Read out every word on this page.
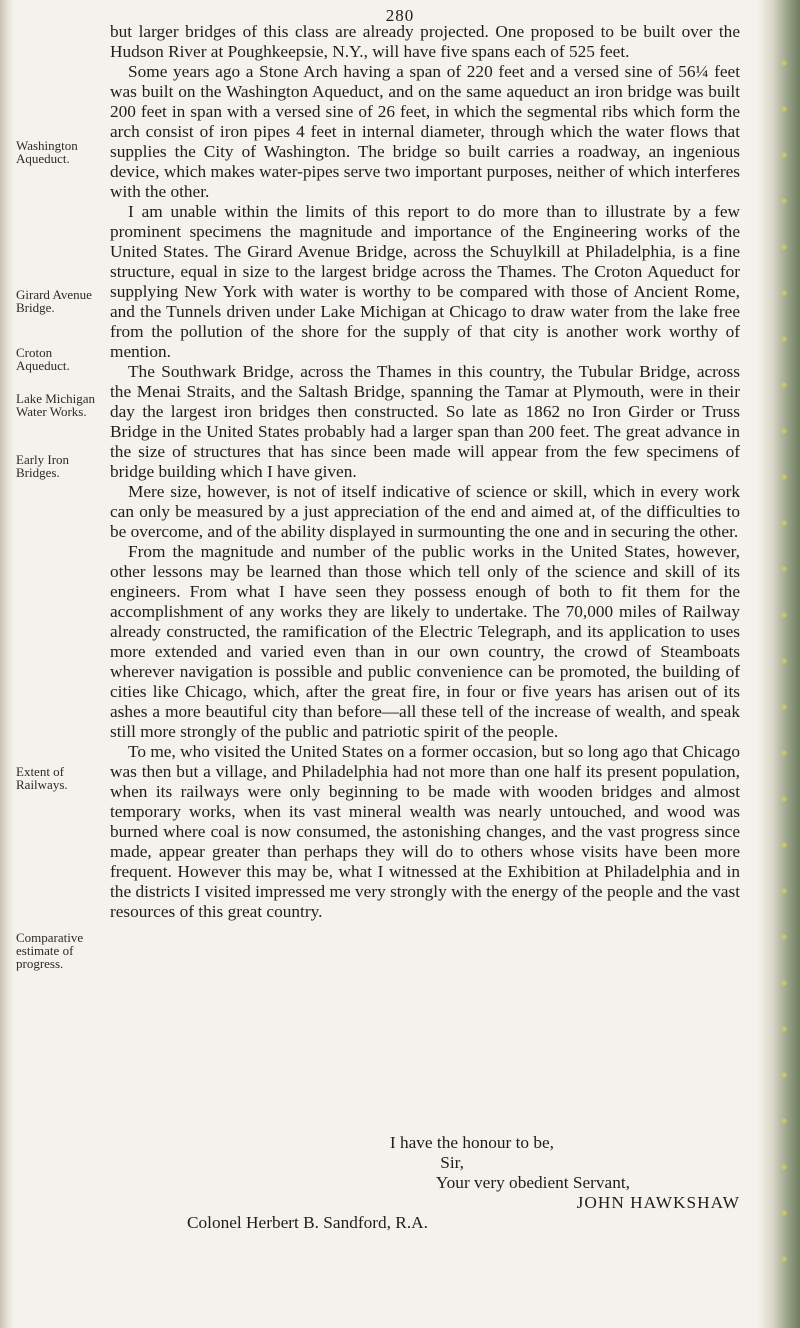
280
Washington Aqueduct.
Girard Avenue Bridge.
Croton Aqueduct.
Lake Michigan Water Works.
Early Iron Bridges.
Extent of Railways.
Comparative estimate of progress.

but larger bridges of this class are already projected. One proposed to be built over the Hudson River at Poughkeepsie, N.Y., will have five spans each of 525 feet.

Some years ago a Stone Arch having a span of 220 feet and a versed sine of 56¼ feet was built on the Washington Aqueduct, and on the same aqueduct an iron bridge was built 200 feet in span with a versed sine of 26 feet, in which the segmental ribs which form the arch consist of iron pipes 4 feet in internal diameter, through which the water flows that supplies the City of Washington. The bridge so built carries a roadway, an ingenious device, which makes water-pipes serve two important purposes, neither of which interferes with the other.

I am unable within the limits of this report to do more than to illustrate by a few prominent specimens the magnitude and importance of the Engineering works of the United States. The Girard Avenue Bridge, across the Schuylkill at Philadelphia, is a fine structure, equal in size to the largest bridge across the Thames. The Croton Aqueduct for supplying New York with water is worthy to be compared with those of Ancient Rome, and the Tunnels driven under Lake Michigan at Chicago to draw water from the lake free from the pollution of the shore for the supply of that city is another work worthy of mention.

The Southwark Bridge, across the Thames in this country, the Tubular Bridge, across the Menai Straits, and the Saltash Bridge, spanning the Tamar at Plymouth, were in their day the largest iron bridges then constructed. So late as 1862 no Iron Girder or Truss Bridge in the United States probably had a larger span than 200 feet. The great advance in the size of structures that has since been made will appear from the few specimens of bridge building which I have given.

Mere size, however, is not of itself indicative of science or skill, which in every work can only be measured by a just appreciation of the end and aimed at, of the difficulties to be overcome, and of the ability displayed in surmounting the one and in securing the other.

From the magnitude and number of the public works in the United States, however, other lessons may be learned than those which tell only of the science and skill of its engineers. From what I have seen they possess enough of both to fit them for the accomplishment of any works they are likely to undertake. The 70,000 miles of Railway already constructed, the ramification of the Electric Telegraph, and its application to uses more extended and varied even than in our own country, the crowd of Steamboats wherever navigation is possible and public convenience can be promoted, the building of cities like Chicago, which, after the great fire, in four or five years has arisen out of its ashes a more beautiful city than before—all these tell of the increase of wealth, and speak still more strongly of the public and patriotic spirit of the people.

To me, who visited the United States on a former occasion, but so long ago that Chicago was then but a village, and Philadelphia had not more than one half its present population, when its railways were only beginning to be made with wooden bridges and almost temporary works, when its vast mineral wealth was nearly untouched, and wood was burned where coal is now consumed, the astonishing changes, and the vast progress since made, appear greater than perhaps they will do to others whose visits have been more frequent. However this may be, what I witnessed at the Exhibition at Philadelphia and in the districts I visited impressed me very strongly with the energy of the people and the vast resources of this great country.

I have the honour to be,
Sir,
Your very obedient Servant,
JOHN HAWKSHAW
Colonel Herbert B. Sandford, R.A.
